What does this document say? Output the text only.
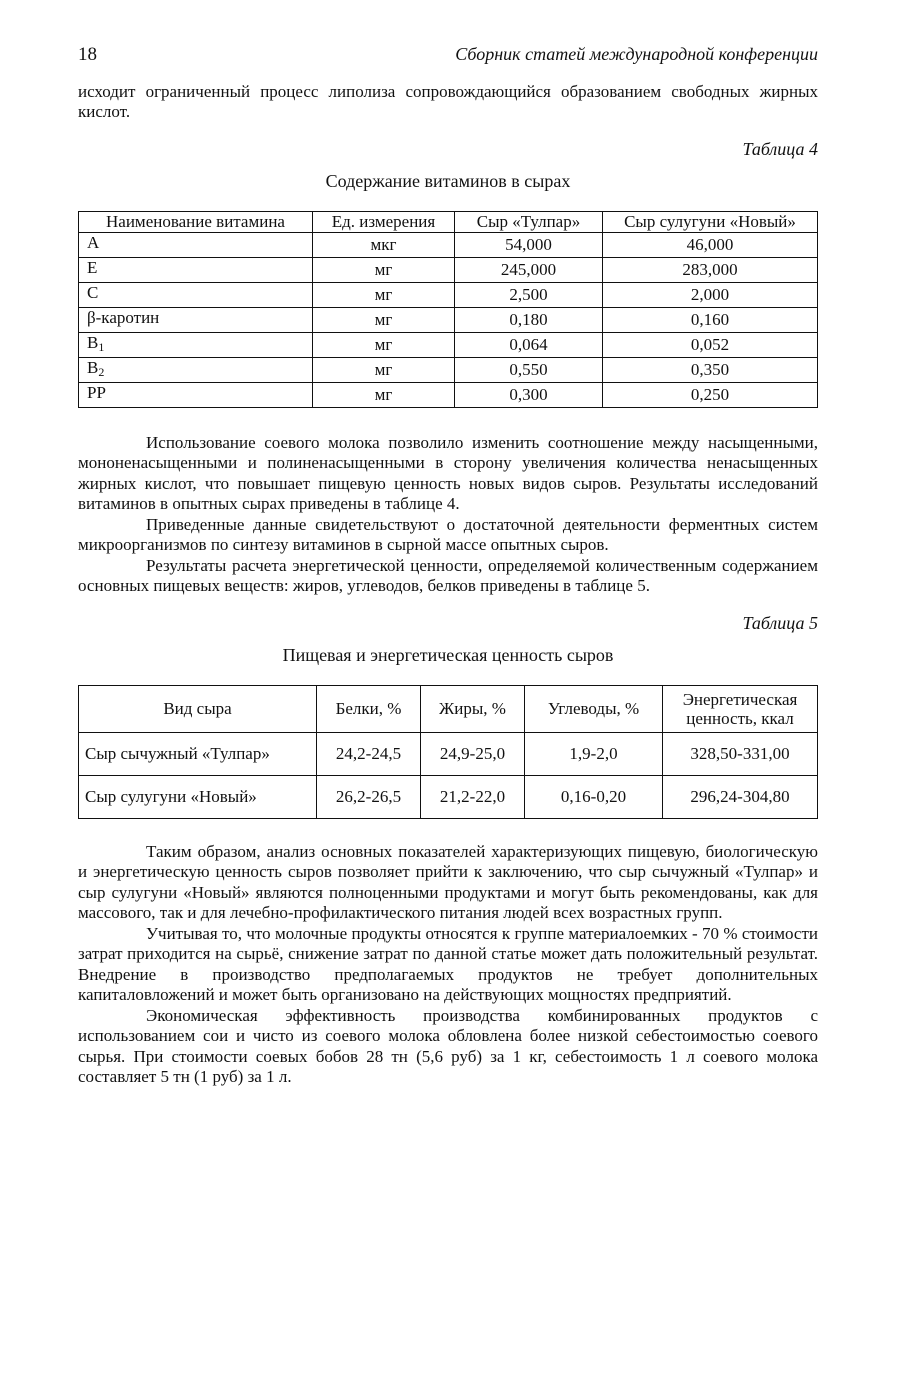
18	Сборник статей международной конференции

исходит ограниченный процесс липолиза сопровождающийся образованием свободных жирных кислот.

Таблица 4
Содержание витаминов в сырах
Наименование витамина	Ед. измерения	Сыр «Тулпар»	Сыр сулугуни «Новый»
A	мкг	54,000	46,000
E	мг	245,000	283,000
C	мг	2,500	2,000
β-каротин	мг	0,180	0,160
$B_1$	мг	0,064	0,052
$B_2$	мг	0,550	0,350
PP	мг	0,300	0,250

Использование соевого молока позволило изменить соотношение между насыщенными, мононенасыщенными и полиненасыщенными в сторону увеличения количества ненасыщенных жирных кислот, что повышает пищевую ценность новых видов сыров. Результаты исследований витаминов в опытных сырах приведены в таблице 4.

Приведенные данные свидетельствуют о достаточной деятельности ферментных систем микроорганизмов по синтезу витаминов в сырной массе опытных сыров.

Результаты расчета энергетической ценности, определяемой количественным содержанием основных пищевых веществ: жиров, углеводов, белков приведены в таблице 5.

Таблица 5
Пищевая и энергетическая ценность сыров
Вид сыра	Белки, %	Жиры, %	Углеводы, %	Энергетическая ценность, ккал
Сыр сычужный «Тулпар»	24,2-24,5	24,9-25,0	1,9-2,0	328,50-331,00
Сыр сулугуни «Новый»	26,2-26,5	21,2-22,0	0,16-0,20	296,24-304,80

Таким образом, анализ основных показателей характеризующих пищевую, биологическую и энергетическую ценность сыров позволяет прийти к заключению, что сыр сычужный «Тулпар» и сыр сулугуни «Новый» являются полноценными продуктами и могут быть рекомендованы, как для массового, так и для лечебно-профилактического питания людей всех возрастных групп.

Учитывая то, что молочные продукты относятся к группе материалоемких - 70 % стоимости затрат приходится на сырьё, снижение затрат по данной статье может дать положительный результат. Внедрение в производство предполагаемых продуктов не требует дополнительных капиталовложений и может быть организовано на действующих мощностях предприятий.

Экономическая эффективность производства комбинированных продуктов с использованием сои и чисто из соевого молока обловлена более низкой себестоимостью соевого сырья. При стоимости соевых бобов 28 тн (5,6 руб) за 1 кг, себестоимость 1 л соевого молока составляет 5 тн (1 руб) за 1 л.
